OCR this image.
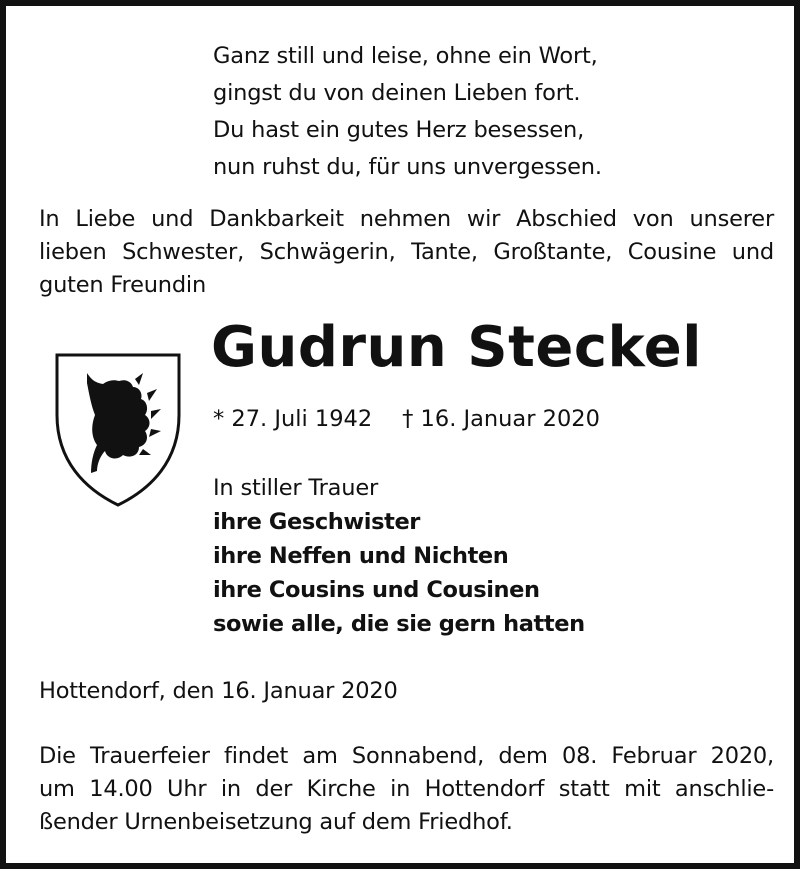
Ganz still und leise, ohne ein Wort,
gingst du von deinen Lieben fort.
Du hast ein gutes Herz besessen,
nun ruhst du, für uns unvergessen.
In Liebe und Dankbarkeit nehmen wir Abschied von unserer
lieben Schwester, Schwägerin, Tante, Großtante, Cousine und
guten Freundin
Gudrun Steckel
* 27. Juli 1942 † 16. Januar 2020
In stiller Trauer
ihre Geschwister
ihre Neffen und Nichten
ihre Cousins und Cousinen
sowie alle, die sie gern hatten
Hottendorf, den 16. Januar 2020
Die Trauerfeier findet am Sonnabend, dem 08. Februar 2020,
um 14.00 Uhr in der Kirche in Hottendorf statt mit anschlie-
ßender Urnenbeisetzung auf dem Friedhof.
